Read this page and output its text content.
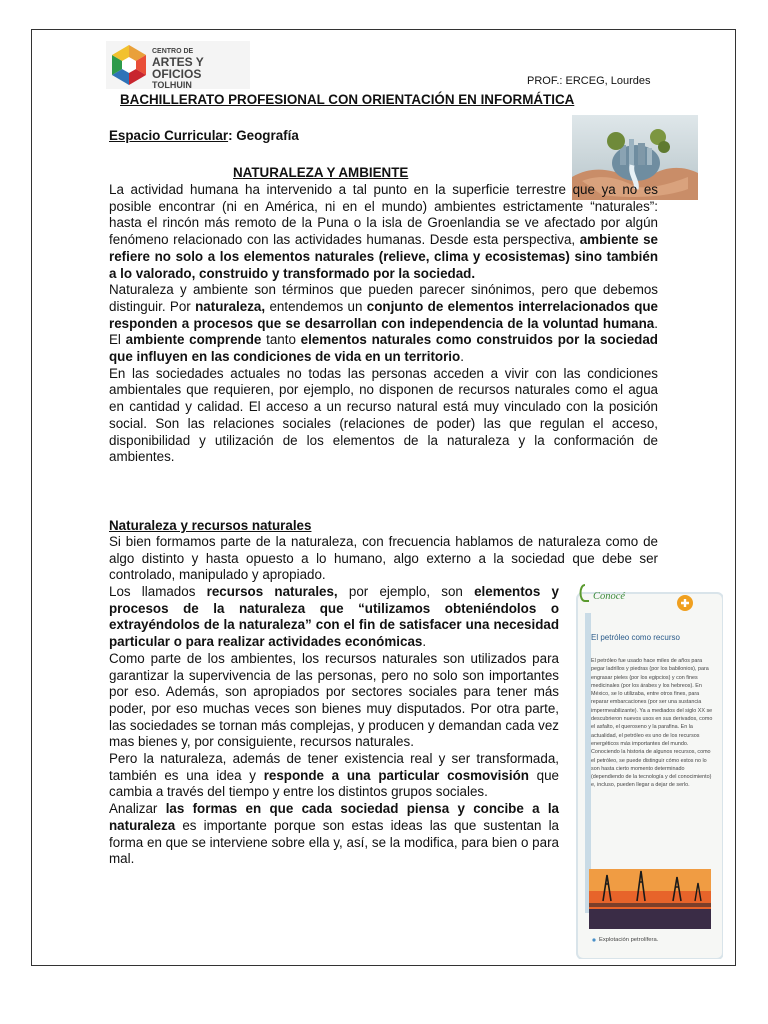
CENTRO DE
ARTES Y OFICIOS
TOLHUIN	PROF.: ERCEG, Lourdes
BACHILLERATO PROFESIONAL CON ORIENTACIÓN EN INFORMÁTICA
Espacio Curricular: Geografía
NATURALEZA Y AMBIENTE

La actividad humana ha intervenido a tal punto en la superficie terrestre que ya no es posible encontrar (ni en América, ni en el mundo) ambientes estrictamente “naturales”: hasta el rincón más remoto de la Puna o la isla de Groenlandia se ve afectado por algún fenómeno relacionado con las actividades humanas. Desde esta perspectiva, ambiente se refiere no solo a los elementos naturales (relieve, clima y ecosistemas) sino también a lo valorado, construido y transformado por la sociedad.

Naturaleza y ambiente son términos que pueden parecer sinónimos, pero que debemos distinguir. Por naturaleza, entendemos un conjunto de elementos interrelacionados que responden a procesos que se desarrollan con independencia de la voluntad humana. El ambiente comprende tanto elementos naturales como construidos por la sociedad que influyen en las condiciones de vida en un territorio.

En las sociedades actuales no todas las personas acceden a vivir con las condiciones ambientales que requieren, por ejemplo, no disponen de recursos naturales como el agua en cantidad y calidad. El acceso a un recurso natural está muy vinculado con la posición social. Son las relaciones sociales (relaciones de poder) las que regulan el acceso, disponibilidad y utilización de los elementos de la naturaleza y la conformación de ambientes.

Naturaleza y recursos naturales

Si bien formamos parte de la naturaleza, con frecuencia hablamos de naturaleza como de algo distinto y hasta opuesto a lo humano, algo externo a la sociedad que debe ser controlado, manipulado y apropiado.

Los llamados recursos naturales, por ejemplo, son elementos y procesos de la naturaleza que “utilizamos obteniéndolos o extrayéndolos de la naturaleza” con el fin de satisfacer una necesidad particular o para realizar actividades económicas.

Como parte de los ambientes, los recursos naturales son utilizados para garantizar la supervivencia de las personas, pero no solo son importantes por eso. Además, son apropiados por sectores sociales para tener más poder, por eso muchas veces son bienes muy disputados. Por otra parte, las sociedades se tornan más complejas, y producen y demandan cada vez mas bienes y, por consiguiente, recursos naturales.

Pero la naturaleza, además de tener existencia real y ser transformada, también es una idea y responde a una particular cosmovisión que cambia a través del tiempo y entre los distintos grupos sociales.

Analizar las formas en que cada sociedad piensa y concibe a la naturaleza es importante porque son estas ideas las que sustentan la forma en que se interviene sobre ella y, así, se la modifica, para bien o para mal.

Conocé
El petróleo como recurso
El petróleo fue usado hace miles de años para pegar ladrillos y piedras (por los babilonios), para engrasar pieles (por los egipcios) y con fines medicinales (por los árabes y los hebreos). En México, se lo utilizaba, entre otros fines, para reparar embarcaciones (por ser una sustancia impermeabilizante). Ya a mediados del siglo XX se descubrieron nuevos usos en sus derivados, como el asfalto, el queroseno y la parafina. En la actualidad, el petróleo es uno de los recursos energéticos más importantes del mundo. Conociendo la historia de algunos recursos, como el petróleo, se puede distinguir cómo estos no lo son hasta cierto momento determinado (dependiendo de la tecnología y del conocimiento) e, incluso, pueden llegar a dejar de serlo.
Explotación petrolífera.
